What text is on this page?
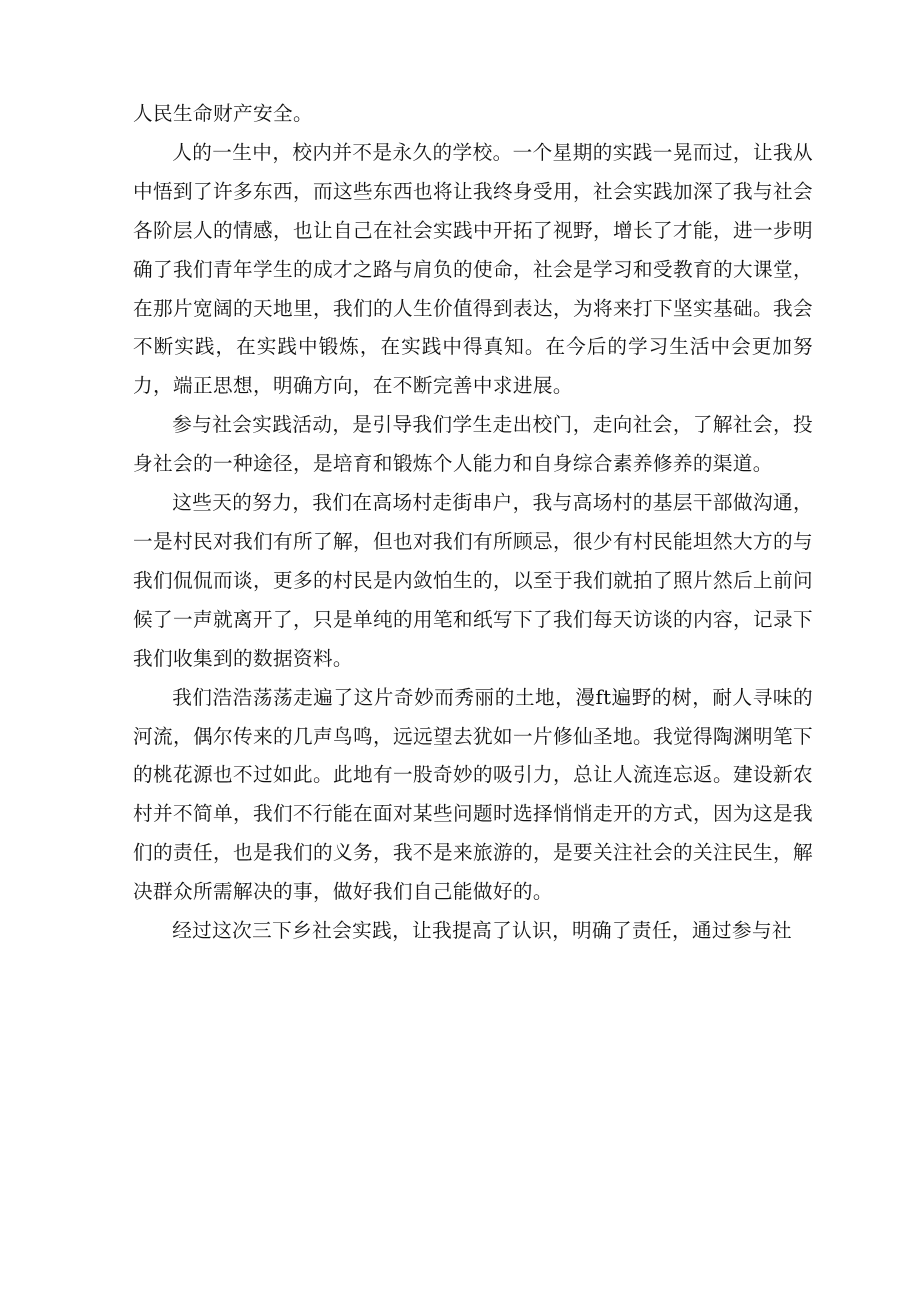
人民生命财产安全。

人的一生中，校内并不是永久的学校。一个星期的实践一晃而过，让我从中悟到了许多东西，而这些东西也将让我终身受用，社会实践加深了我与社会各阶层人的情感，也让自己在社会实践中开拓了视野，增长了才能，进一步明确了我们青年学生的成才之路与肩负的使命，社会是学习和受教育的大课堂，在那片宽阔的天地里，我们的人生价值得到表达，为将来打下坚实基础。我会不断实践，在实践中锻炼，在实践中得真知。在今后的学习生活中会更加努力，端正思想，明确方向，在不断完善中求进展。

参与社会实践活动，是引导我们学生走出校门，走向社会，了解社会，投身社会的一种途径，是培育和锻炼个人能力和自身综合素养修养的渠道。

这些天的努力，我们在高场村走街串户，我与高场村的基层干部做沟通，一是村民对我们有所了解，但也对我们有所顾忌，很少有村民能坦然大方的与我们侃侃而谈，更多的村民是内敛怕生的，以至于我们就拍了照片然后上前问候了一声就离开了，只是单纯的用笔和纸写下了我们每天访谈的内容，记录下我们收集到的数据资料。

我们浩浩荡荡走遍了这片奇妙而秀丽的土地，漫ft遍野的树，耐人寻味的河流，偶尔传来的几声鸟鸣，远远望去犹如一片修仙圣地。我觉得陶渊明笔下的桃花源也不过如此。此地有一股奇妙的吸引力，总让人流连忘返。建设新农村并不简单，我们不行能在面对某些问题时选择悄悄走开的方式，因为这是我们的责任，也是我们的义务，我不是来旅游的，是要关注社会的关注民生，解决群众所需解决的事，做好我们自己能做好的。

经过这次三下乡社会实践，让我提高了认识，明确了责任，通过参与社
